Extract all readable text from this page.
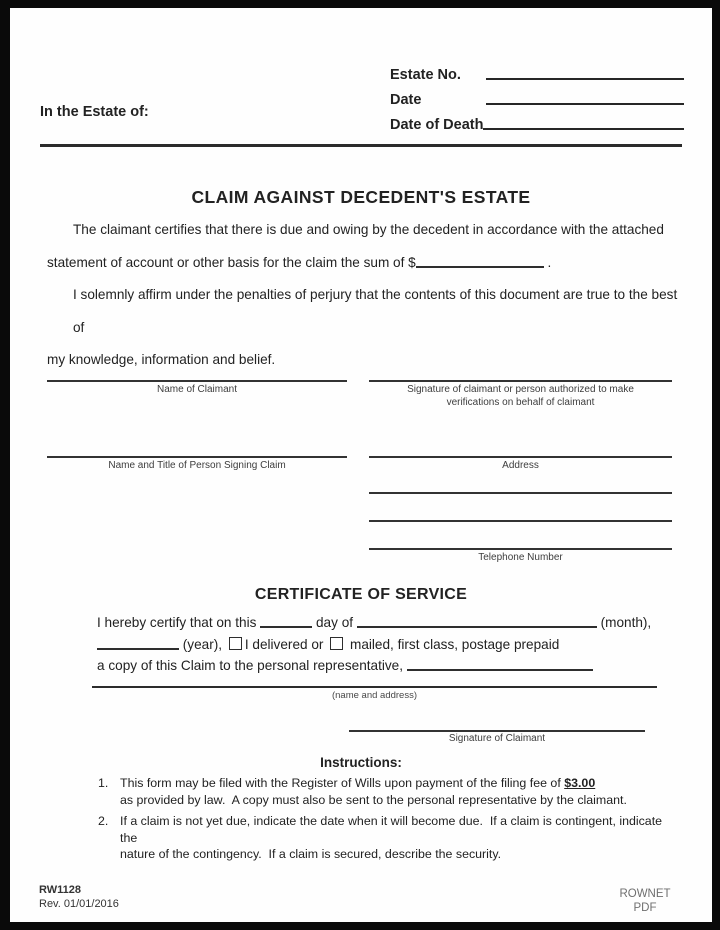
In the Estate of:
Estate No.
Date
Date of Death
CLAIM AGAINST DECEDENT'S ESTATE
The claimant certifies that there is due and owing by the decedent in accordance with the attached
statement of account or other basis for the claim the sum of $	.
I solemnly affirm under the penalties of perjury that the contents of this document are true to the best of
my knowledge, information and belief.
Name of Claimant	Signature of claimant or person authorized to make
verifications on behalf of claimant
Name and Title of Person Signing Claim	Address
Telephone Number
CERTIFICATE OF SERVICE
I hereby certify that on this	day of	(month),
(year), I delivered or mailed, first class, postage prepaid
a copy of this Claim to the personal representative,
(name and address)
Signature of Claimant
Instructions:
1. This form may be filed with the Register of Wills upon payment of the filing fee of $3.00
as provided by law.  A copy must also be sent to the personal representative by the claimant.
2. If a claim is not yet due, indicate the date when it will become due.  If a claim is contingent, indicate the
nature of the contingency.  If a claim is secured, describe the security.
RW1128
Rev. 01/01/2016
ROWNET
PDF
